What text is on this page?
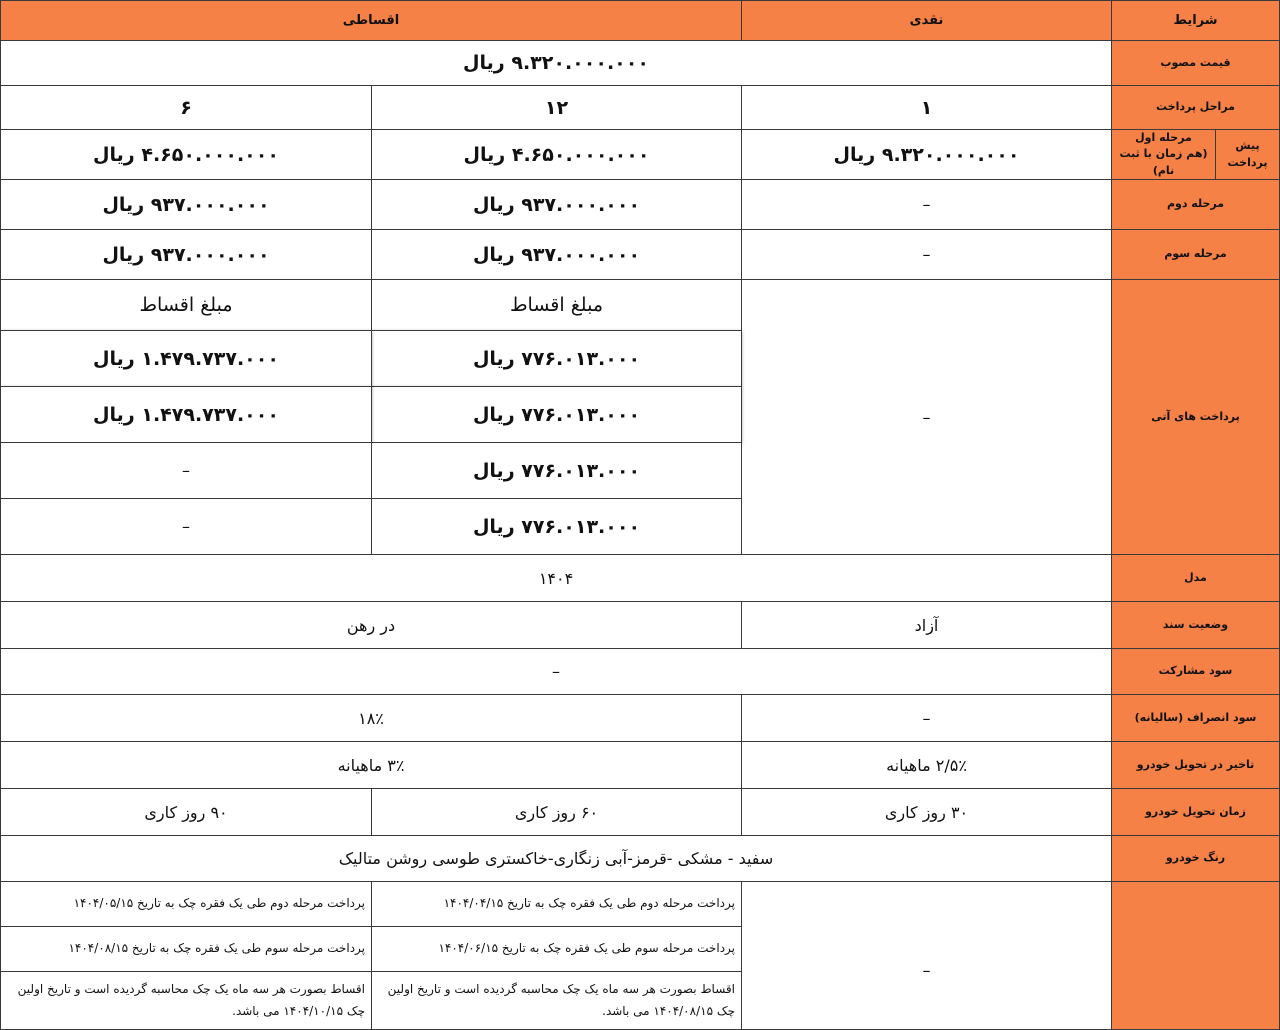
شرایط
نقدی
اقساطی
قیمت مصوب
۹.۳۲۰.۰۰۰.۰۰۰ ریال
مراحل پرداخت
۱
۱۲
۶
پیش پرداخت
مرحله اول
(هم زمان با ثبت نام)
۹.۳۲۰.۰۰۰.۰۰۰ ریال
۴.۶۵۰.۰۰۰.۰۰۰ ریال
۴.۶۵۰.۰۰۰.۰۰۰ ریال
مرحله دوم
–
۹۳۷.۰۰۰.۰۰۰ ریال
۹۳۷.۰۰۰.۰۰۰ ریال
مرحله سوم
–
۹۳۷.۰۰۰.۰۰۰ ریال
۹۳۷.۰۰۰.۰۰۰ ریال
پرداخت های آتی
–
مبلغ اقساط
مبلغ اقساط
۷۷۶.۰۱۳.۰۰۰ ریال
۷۷۶.۰۱۳.۰۰۰ ریال
۷۷۶.۰۱۳.۰۰۰ ریال
۷۷۶.۰۱۳.۰۰۰ ریال
۱.۴۷۹.۷۳۷.۰۰۰ ریال
۱.۴۷۹.۷۳۷.۰۰۰ ریال
–
–
مدل
۱۴۰۴
وضعیت سند
آزاد
در رهن
سود مشارکت
–
سود انصراف (سالیانه)
–
۱۸٪
تاخیر در تحویل خودرو
۲/۵٪ ماهیانه
۳٪ ماهیانه
زمان تحویل خودرو
۳۰ روز کاری
۶۰ روز کاری
۹۰ روز کاری
رنگ خودرو
سفید - مشکی -قرمز-آبی زنگاری-خاکستری طوسی روشن متالیک
–
پرداخت مرحله دوم طی یک فقره چک به تاریخ ۱۴۰۴/۰۴/۱۵
پرداخت مرحله سوم طی یک فقره چک به تاریخ ۱۴۰۴/۰۶/۱۵
اقساط بصورت هر سه ماه یک چک محاسبه گردیده است و تاریخ اولین چک ۱۴۰۴/۰۸/۱۵ می باشد.
پرداخت مرحله دوم طی یک فقره چک به تاریخ ۱۴۰۴/۰۵/۱۵
پرداخت مرحله سوم طی یک فقره چک به تاریخ ۱۴۰۴/۰۸/۱۵
اقساط بصورت هر سه ماه یک چک محاسبه گردیده است و تاریخ اولین چک ۱۴۰۴/۱۰/۱۵ می باشد.
